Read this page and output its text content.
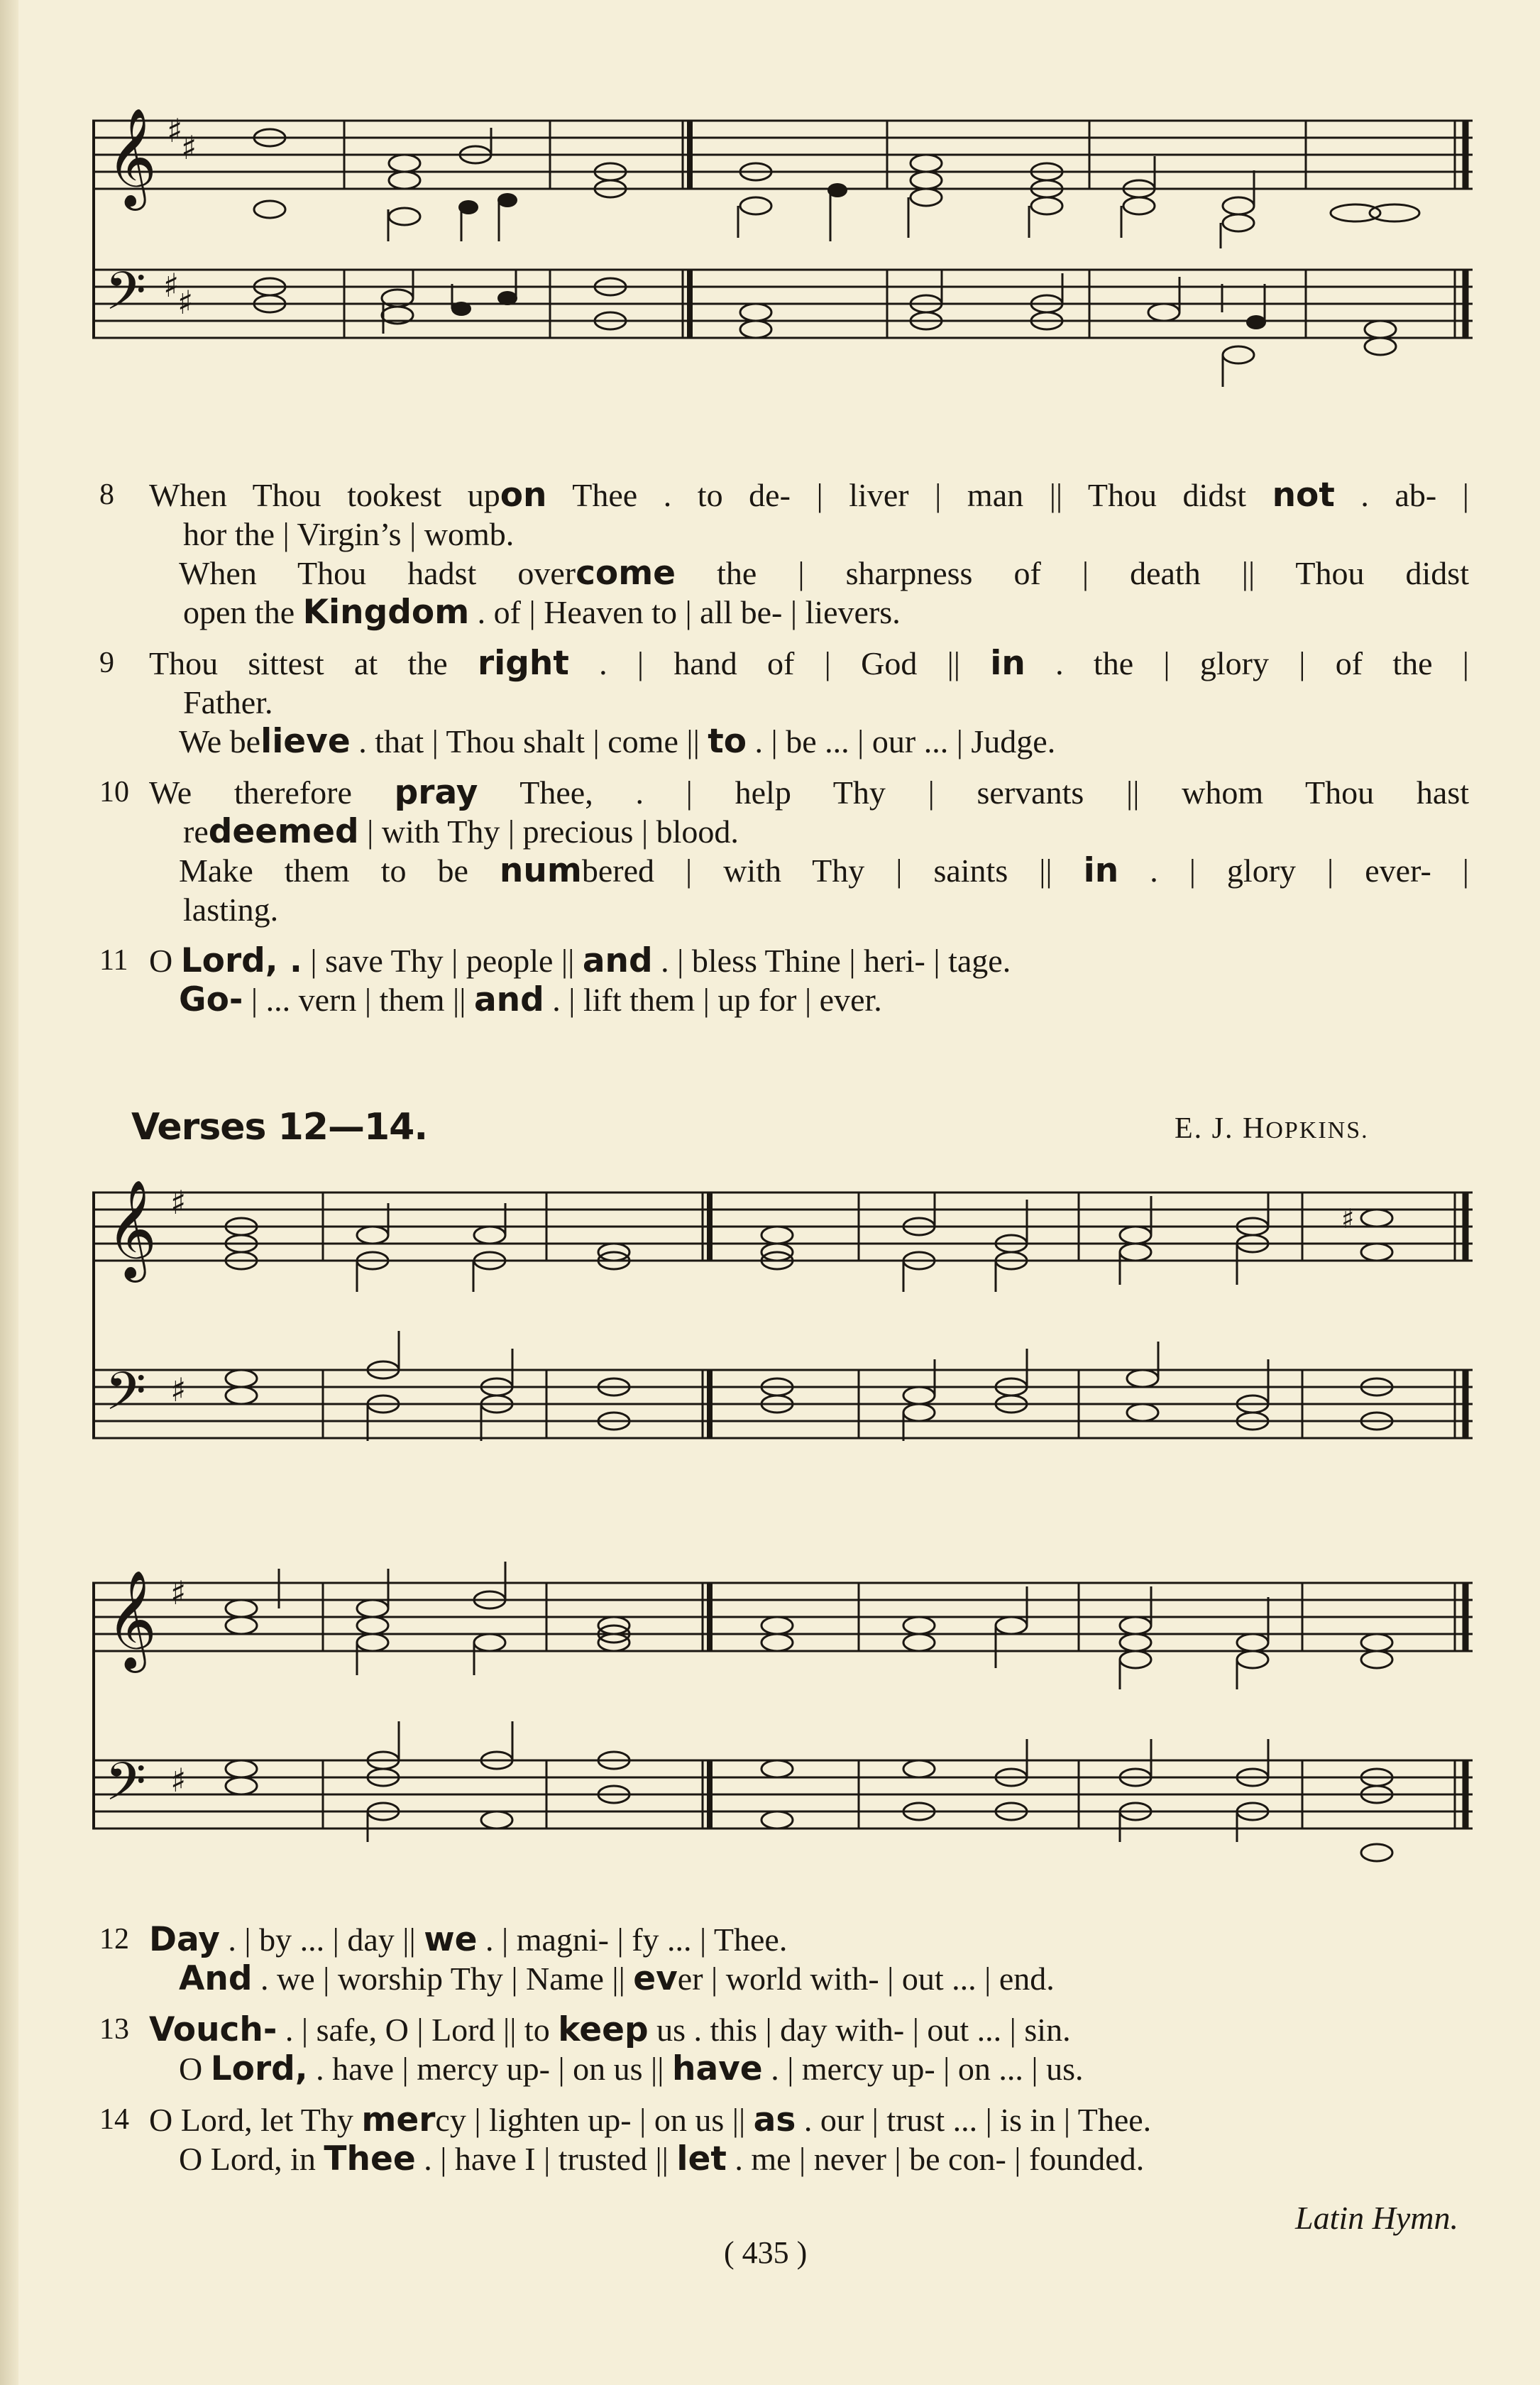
𝄞
𝄢
♯
♯
♯
♯
8 When Thou tookest upon Thee . to de- | liver | man || Thou didst not . ab- |
hor the | Virgin’s | womb.
When Thou hadst overcome the | sharpness of | death || Thou didst
open the Kingdom . of | Heaven to | all be- | lievers.
9 Thou sittest at the right . | hand of | God || in . the | glory | of the |
Father.
We believe . that | Thou shalt | come || to . | be ... | our ... | Judge.
10 We therefore pray Thee, . | help Thy | servants || whom Thou hast
redeemed | with Thy | precious | blood.
Make them to be numbered | with Thy | saints || in . | glory | ever- |
lasting.
11 O Lord, . | save Thy | people || and . | bless Thine | heri- | tage.
Go- | ... vern | them || and . | lift them | up for | ever.
Verses 12—14.	E. J. HOPKINS.
𝄞
𝄢
♯
♯
♯
𝄞
𝄢
♯
♯
12 Day . | by ... | day || we . | magni- | fy ... | Thee.
And . we | worship Thy | Name || ever | world with- | out ... | end.
13 Vouch- . | safe, O | Lord || to keep us . this | day with- | out ... | sin.
O Lord, . have | mercy up- | on us || have . | mercy up- | on ... | us.
14 O Lord, let Thy mercy | lighten up- | on us || as . our | trust ... | is in | Thee.
O Lord, in Thee . | have I | trusted || let . me | never | be con- | founded.
Latin Hymn.
( 435 )
